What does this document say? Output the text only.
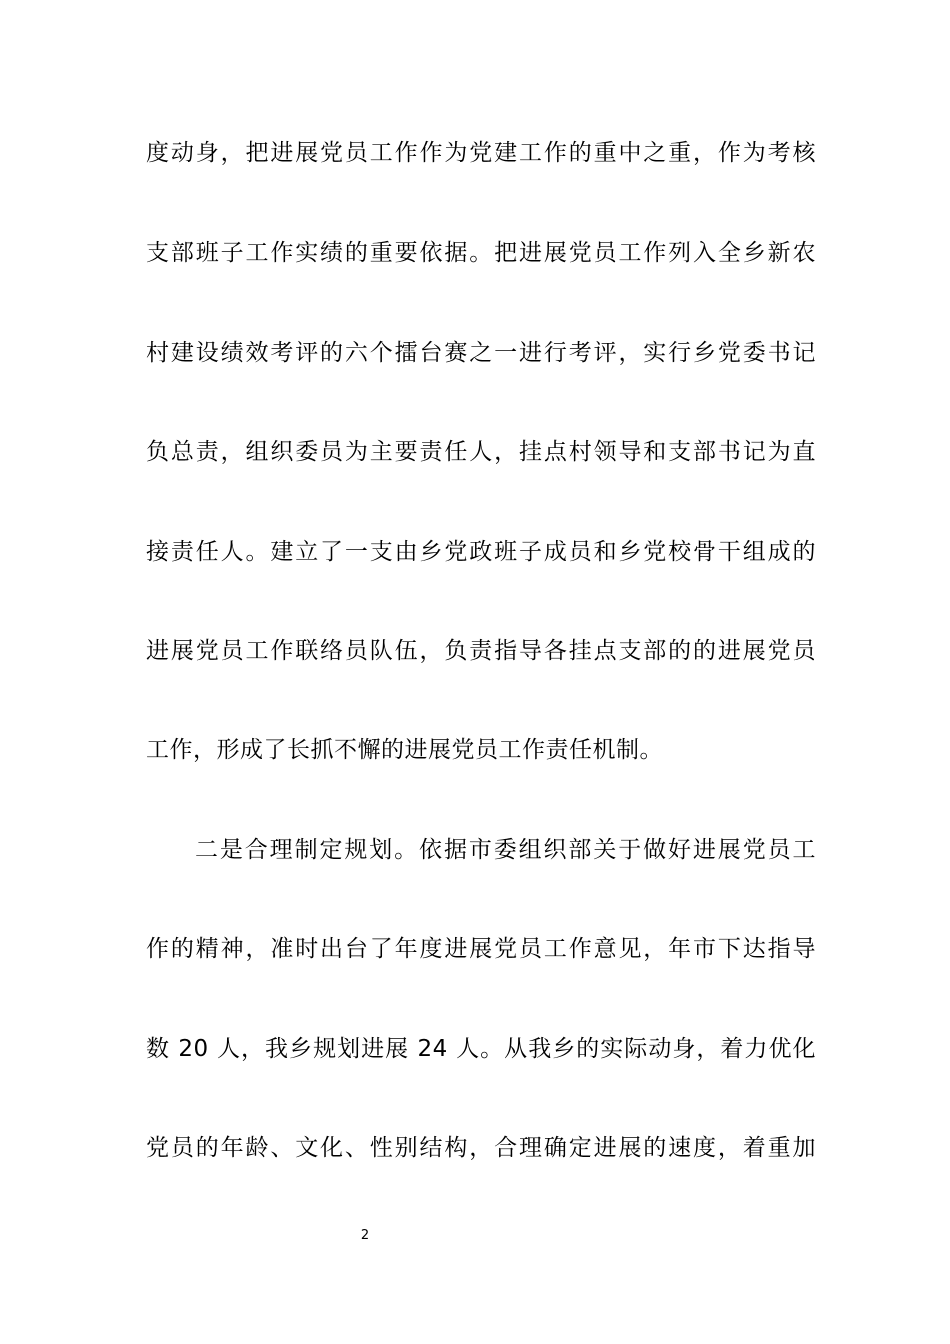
度动身，把进展党员工作作为党建工作的重中之重，作为考核
支部班子工作实绩的重要依据。把进展党员工作列入全乡新农
村建设绩效考评的六个擂台赛之一进行考评，实行乡党委书记
负总责，组织委员为主要责任人，挂点村领导和支部书记为直
接责任人。建立了一支由乡党政班子成员和乡党校骨干组成的
进展党员工作联络员队伍，负责指导各挂点支部的的进展党员
工作，形成了长抓不懈的进展党员工作责任机制。
二是合理制定规划。依据市委组织部关于做好进展党员工
作的精神，准时出台了年度进展党员工作意见，年市下达指导
数 20 人，我乡规划进展 24 人。从我乡的实际动身，着力优化
党员的年龄、文化、性别结构，合理确定进展的速度，着重加
2
